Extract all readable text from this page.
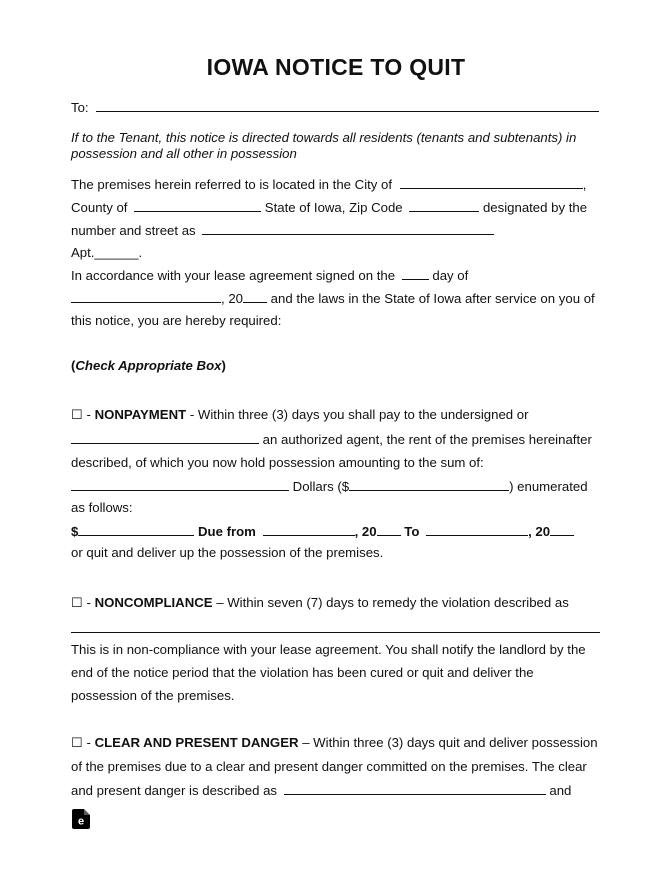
IOWA NOTICE TO QUIT
To:
If to the Tenant, this notice is directed towards all residents (tenants and subtenants) in
possession and all other in possession
The premises herein referred to is located in the City of	,
County of	State of Iowa, Zip Code	designated by the
number and street as
Apt.______.
In accordance with your lease agreement signed on the	day of
, 20 and the laws in the State of Iowa after service on you of
this notice, you are hereby required:
(Check Appropriate Box)
☐ - NONPAYMENT - Within three (3) days you shall pay to the undersigned or
an authorized agent, the rent of the premises hereinafter
described, of which you now hold possession amounting to the sum of:
Dollars ($	) enumerated
as follows:
$	Due from	, 20 To	, 20
or quit and deliver up the possession of the premises.
☐ - NONCOMPLIANCE – Within seven (7) days to remedy the violation described as
This is in non-compliance with your lease agreement. You shall notify the landlord by the
end of the notice period that the violation has been cured or quit and deliver the
possession of the premises.
☐ - CLEAR AND PRESENT DANGER – Within three (3) days quit and deliver possession
of the premises due to a clear and present danger committed on the premises. The clear
and present danger is described as	and
e
